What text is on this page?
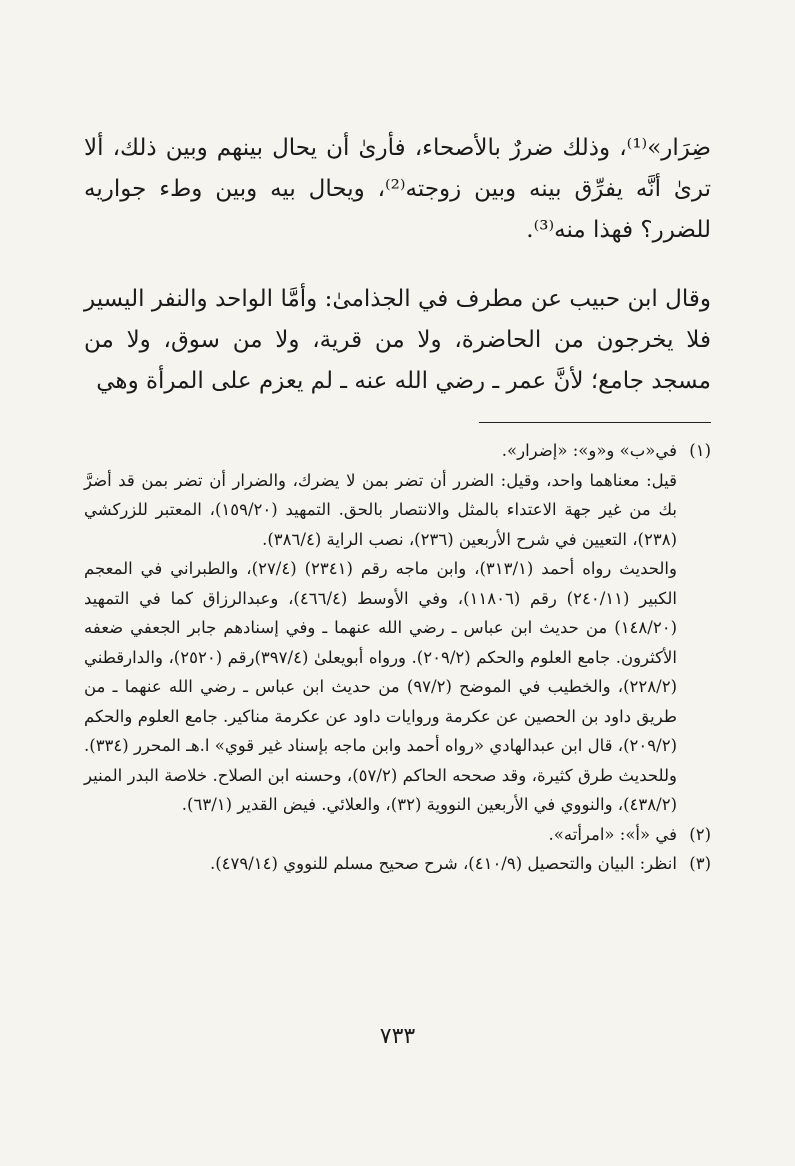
ضِرَار»⁽¹⁾، وذلك ضررٌ بالأصحاء، فأرىٰ أن يحال بينهم وبين ذلك، ألا ترىٰ أنَّه يفرِّق بينه وبين زوجته⁽²⁾، ويحال بيه وبين وطء جواريه للضرر؟ فهذا منه⁽³⁾.

وقال ابن حبيب عن مطرف في الجذامىٰ: وأمَّا الواحد والنفر اليسير فلا يخرجون من الحاضرة، ولا من قرية، ولا من سوق، ولا من مسجد جامع؛ لأنَّ عمر ـ رضي الله عنه ـ لم يعزم على المرأة وهي

(١)
في«ب» و«و»: «إضرار».

قيل: معناهما واحد، وقيل: الضرر أن تضر بمن لا يضرك، والضرار أن تضر بمن قد أضرَّ بك من غير جهة الاعتداء بالمثل والانتصار بالحق. التمهيد (١٥٩/٢٠)، المعتبر للزركشي (٢٣٨)، التعيين في شرح الأربعين (٢٣٦)، نصب الراية (٣٨٦/٤).

والحديث رواه أحمد (٣١٣/١)، وابن ماجه رقم (٢٣٤١) (٢٧/٤)، والطبراني في المعجم الكبير (٢٤٠/١١) رقم (١١٨٠٦)، وفي الأوسط (٤٦٦/٤)، وعبدالرزاق كما في التمهيد (١٤٨/٢٠) من حديث ابن عباس ـ رضي الله عنهما ـ وفي إسنادهم جابر الجعفي ضعفه الأكثرون. جامع العلوم والحكم (٢٠٩/٢). ورواه أبويعلىٰ (٣٩٧/٤)رقم (٢٥٢٠)، والدارقطني (٢٢٨/٢)، والخطيب في الموضح (٩٧/٢) من حديث ابن عباس ـ رضي الله عنهما ـ من طريق داود بن الحصين عن عكرمة وروايات داود عن عكرمة مناكير. جامع العلوم والحكم (٢٠٩/٢)، قال ابن عبدالهادي «رواه أحمد وابن ماجه بإسناد غير قوي» ا.هـ المحرر (٣٣٤). وللحديث طرق كثيرة، وقد صححه الحاكم (٥٧/٢)، وحسنه ابن الصلاح. خلاصة البدر المنير (٤٣٨/٢)، والنووي في الأربعين النووية (٣٢)، والعلائي. فيض القدير (٦٣/١).

(٢)
في «أ»: «امرأته».
(٣)
انظر: البيان والتحصيل (٤١٠/٩)، شرح صحيح مسلم للنووي (٤٧٩/١٤).
٧٣٣
